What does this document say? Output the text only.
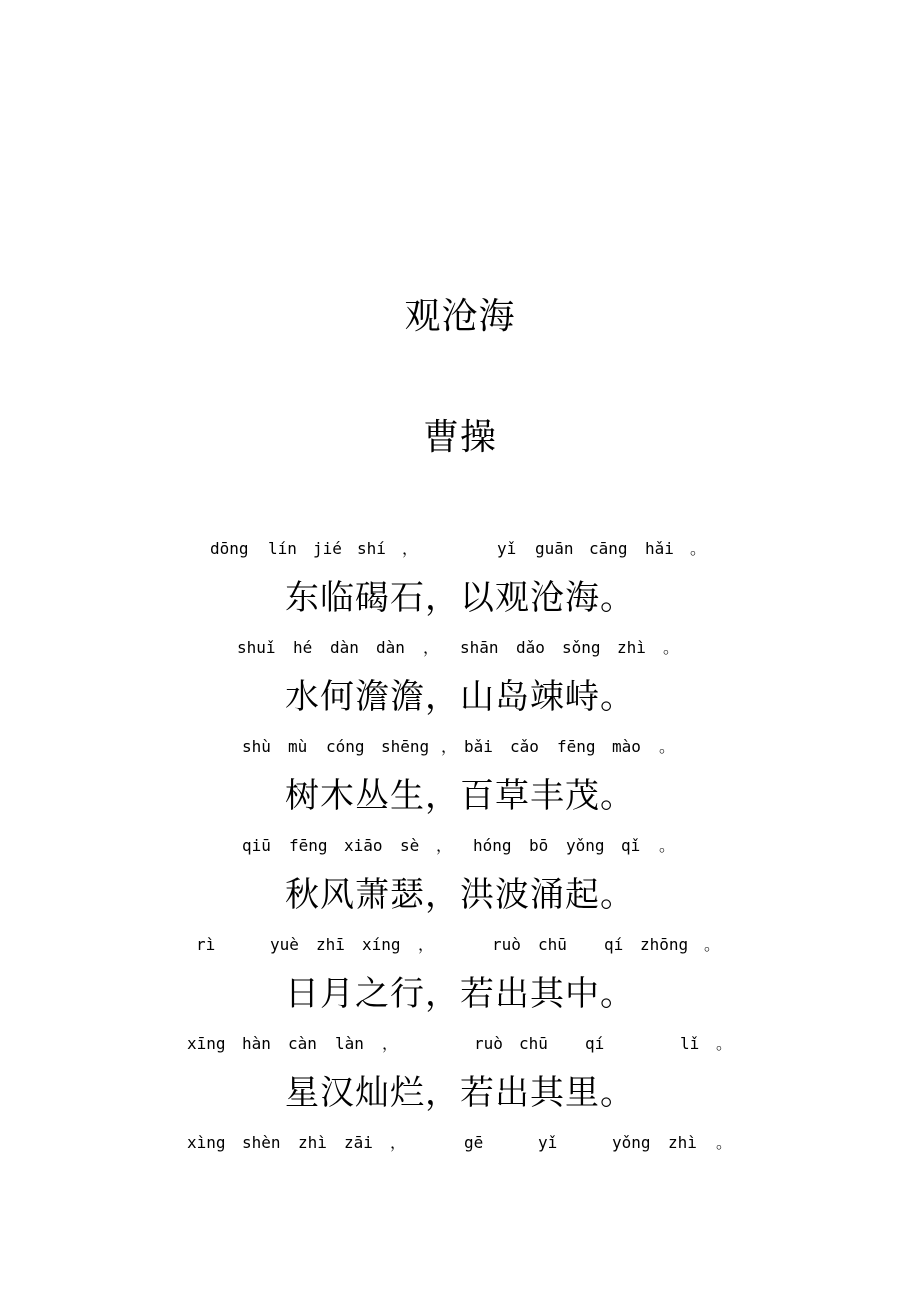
观沧海
曹操
dōng lín jié shí ，	yǐ guān cāng hǎi 。
东临碣石，以观沧海。
shuǐ hé dàn dàn ， shān dǎo sǒng zhì 。
水何澹澹，山岛竦峙。
shù mù cóng shēng ， bǎi cǎo fēng mào 。
树木丛生，百草丰茂。
qiū fēng xiāo sè ， hóng bō yǒng qǐ 。
秋风萧瑟，洪波涌起。
rì	yuè zhī xíng ，	ruò chū qí zhōng 。
日月之行，若出其中。
xīng hàn càn làn ，	ruò chū qí	lǐ 。
星汉灿烂，若出其里。
xìng shèn zhì zāi ，	gē	yǐ	yǒng zhì 。
